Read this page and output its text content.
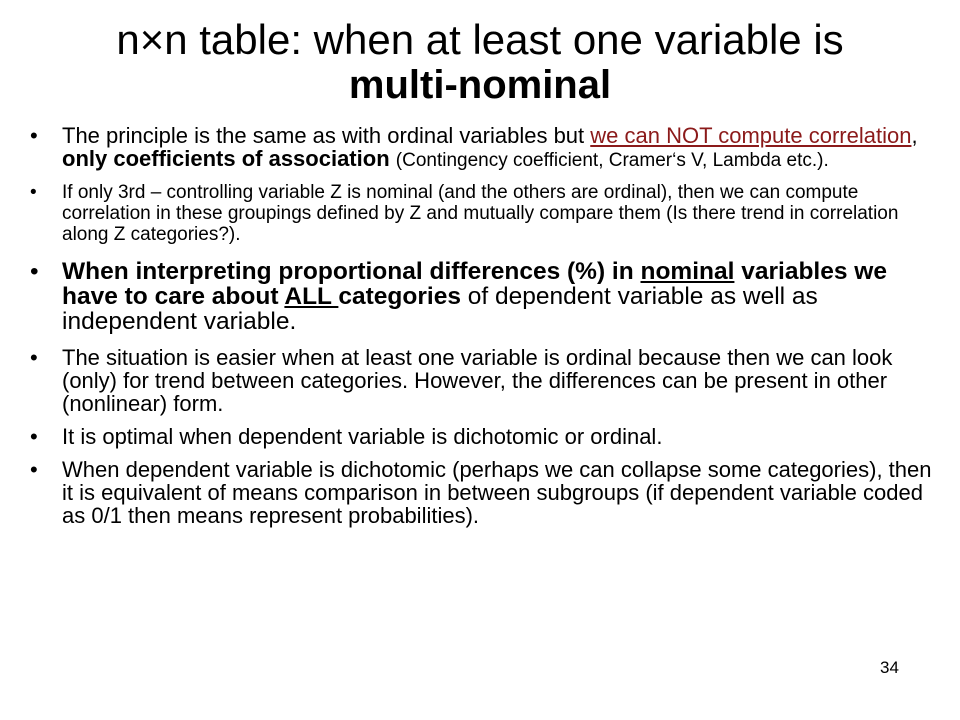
n×n table: when at least one variable is
multi-nominal
• The principle is the same as with ordinal variables but we can NOT compute correlation, only coefficients of association (Contingency coefficient, Cramer‘s V, Lambda etc.).
• If only 3rd – controlling variable Z is nominal (and the others are ordinal), then we can compute correlation in these groupings defined by Z and mutually compare them (Is there trend in correlation along Z categories?).
• When interpreting proportional differences (%) in nominal variables we have to care about ALL categories of dependent variable as well as independent variable.
• The situation is easier when at least one variable is ordinal because then we can look (only) for trend between categories. However, the differences can be present in other (nonlinear) form.
• It is optimal when dependent variable is dichotomic or ordinal.
• When dependent variable is dichotomic (perhaps we can collapse some categories), then it is equivalent of means comparison in between subgroups (if dependent variable coded as 0/1 then means represent probabilities).
34
